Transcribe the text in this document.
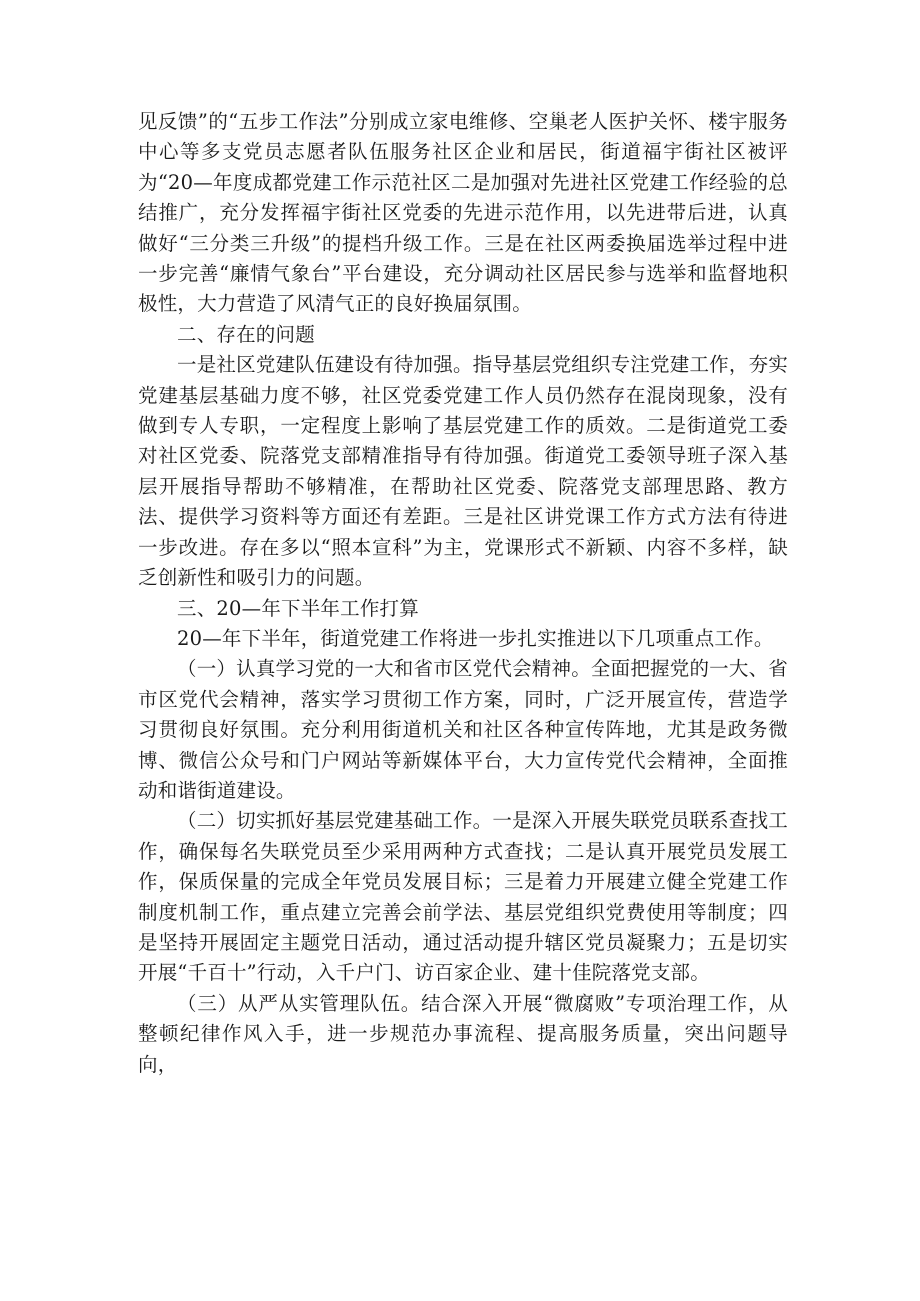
见反馈”的“五步工作法”分别成立家电维修、空巢老人医护关怀、楼宇服务中心等多支党员志愿者队伍服务社区企业和居民，街道福宇街社区被评为“20—年度成都党建工作示范社区二是加强对先进社区党建工作经验的总结推广，充分发挥福宇街社区党委的先进示范作用，以先进带后进，认真做好“三分类三升级”的提档升级工作。三是在社区两委换届选举过程中进一步完善“廉情气象台”平台建设，充分调动社区居民参与选举和监督地积极性，大力营造了风清气正的良好换届氛围。

二、存在的问题

一是社区党建队伍建设有待加强。指导基层党组织专注党建工作，夯实党建基层基础力度不够，社区党委党建工作人员仍然存在混岗现象，没有做到专人专职，一定程度上影响了基层党建工作的质效。二是街道党工委对社区党委、院落党支部精准指导有待加强。街道党工委领导班子深入基层开展指导帮助不够精准，在帮助社区党委、院落党支部理思路、教方法、提供学习资料等方面还有差距。三是社区讲党课工作方式方法有待进一步改进。存在多以“照本宣科”为主，党课形式不新颖、内容不多样，缺乏创新性和吸引力的问题。

三、20—年下半年工作打算

20—年下半年，街道党建工作将进一步扎实推进以下几项重点工作。

（一）认真学习党的一大和省市区党代会精神。全面把握党的一大、省市区党代会精神，落实学习贯彻工作方案，同时，广泛开展宣传，营造学习贯彻良好氛围。充分利用街道机关和社区各种宣传阵地，尤其是政务微博、微信公众号和门户网站等新媒体平台，大力宣传党代会精神，全面推动和谐街道建设。

（二）切实抓好基层党建基础工作。一是深入开展失联党员联系查找工作，确保每名失联党员至少采用两种方式查找；二是认真开展党员发展工作，保质保量的完成全年党员发展目标；三是着力开展建立健全党建工作制度机制工作，重点建立完善会前学法、基层党组织党费使用等制度；四是坚持开展固定主题党日活动，通过活动提升辖区党员凝聚力；五是切实开展“千百十”行动，入千户门、访百家企业、建十佳院落党支部。

（三）从严从实管理队伍。结合深入开展“微腐败”专项治理工作，从整顿纪律作风入手，进一步规范办事流程、提高服务质量，突出问题导向，
